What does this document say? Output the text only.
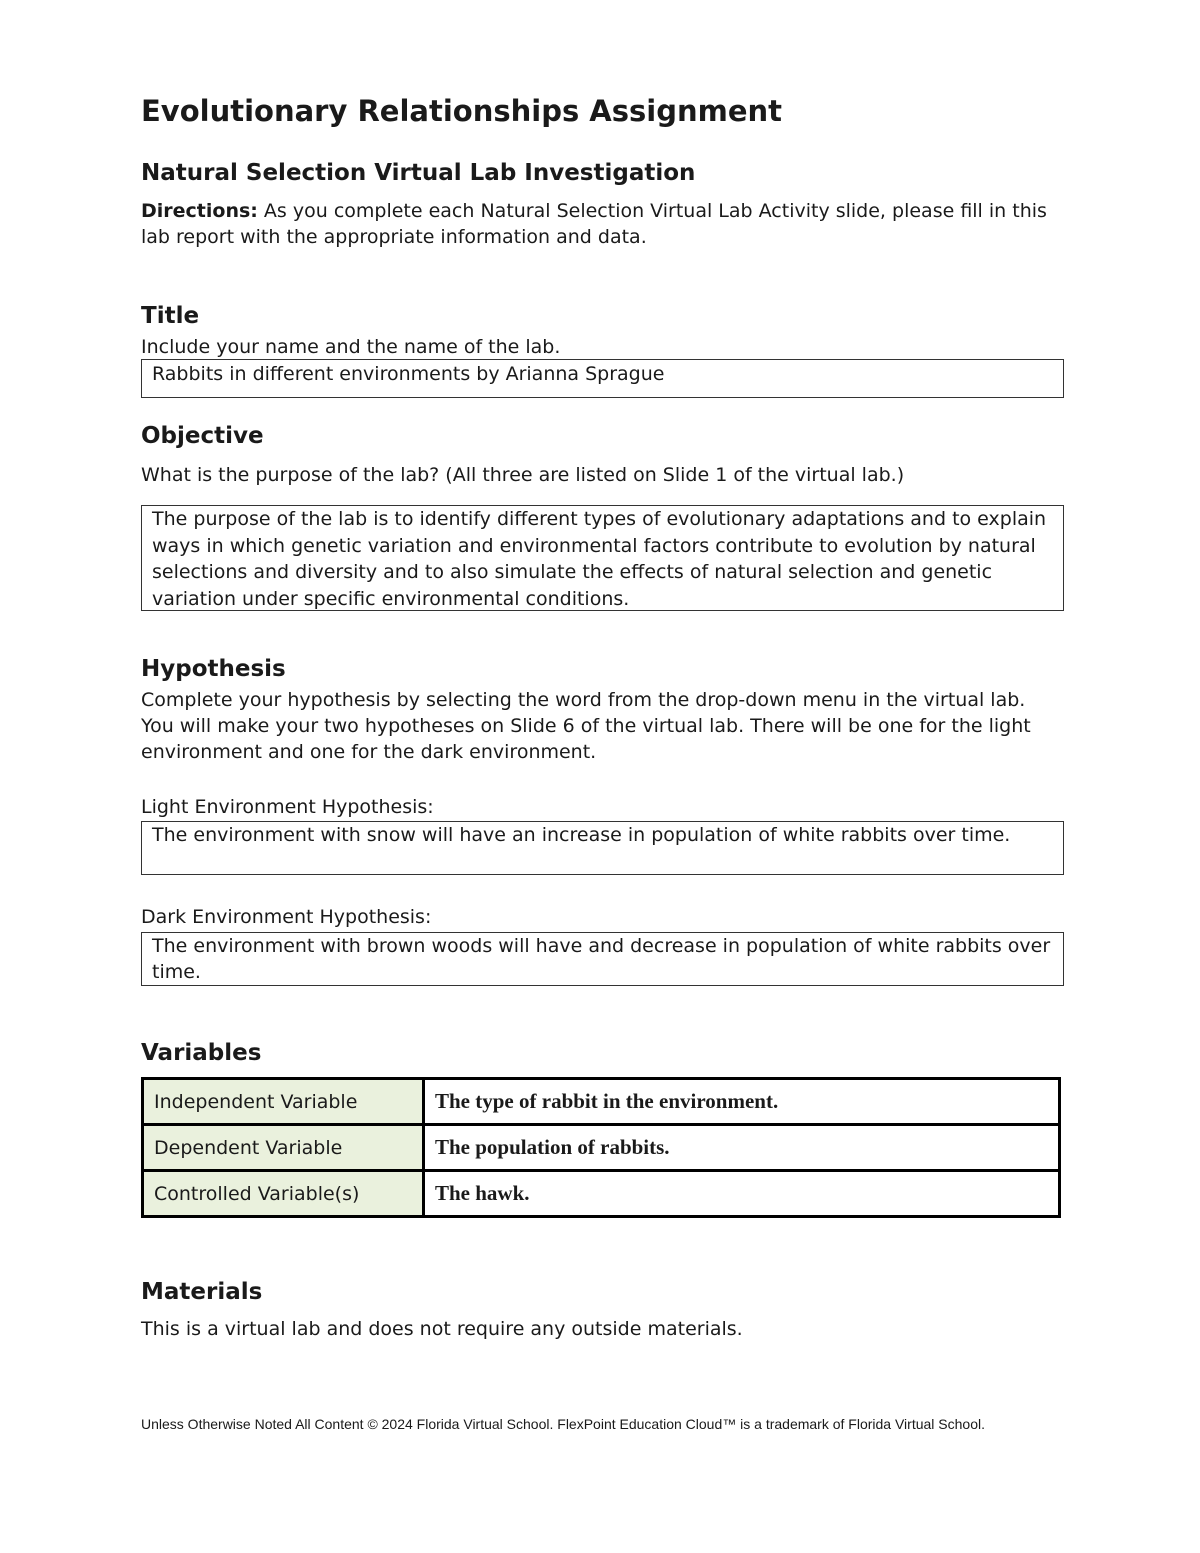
Evolutionary Relationships Assignment
Natural Selection Virtual Lab Investigation
Directions: As you complete each Natural Selection Virtual Lab Activity slide, please fill in this lab report with the appropriate information and data.
Title
Include your name and the name of the lab.
Rabbits in different environments by Arianna Sprague
Objective
What is the purpose of the lab? (All three are listed on Slide 1 of the virtual lab.)
The purpose of the lab is to identify different types of evolutionary adaptations and to explain ways in which genetic variation and environmental factors contribute to evolution by natural selections and diversity and to also simulate the effects of natural selection and genetic variation under specific environmental conditions.
Hypothesis
Complete your hypothesis by selecting the word from the drop-down menu in the virtual lab. You will make your two hypotheses on Slide 6 of the virtual lab. There will be one for the light environment and one for the dark environment.
Light Environment Hypothesis:
The environment with snow will have an increase in population of white rabbits over time.
Dark Environment Hypothesis:
The environment with brown woods will have and decrease in population of white rabbits over time.
Variables
Independent Variable	The type of rabbit in the environment.
Dependent Variable	The population of rabbits.
Controlled Variable(s)	The hawk.
Materials
This is a virtual lab and does not require any outside materials.
Unless Otherwise Noted All Content © 2024 Florida Virtual School. FlexPoint Education Cloud™ is a trademark of Florida Virtual School.
